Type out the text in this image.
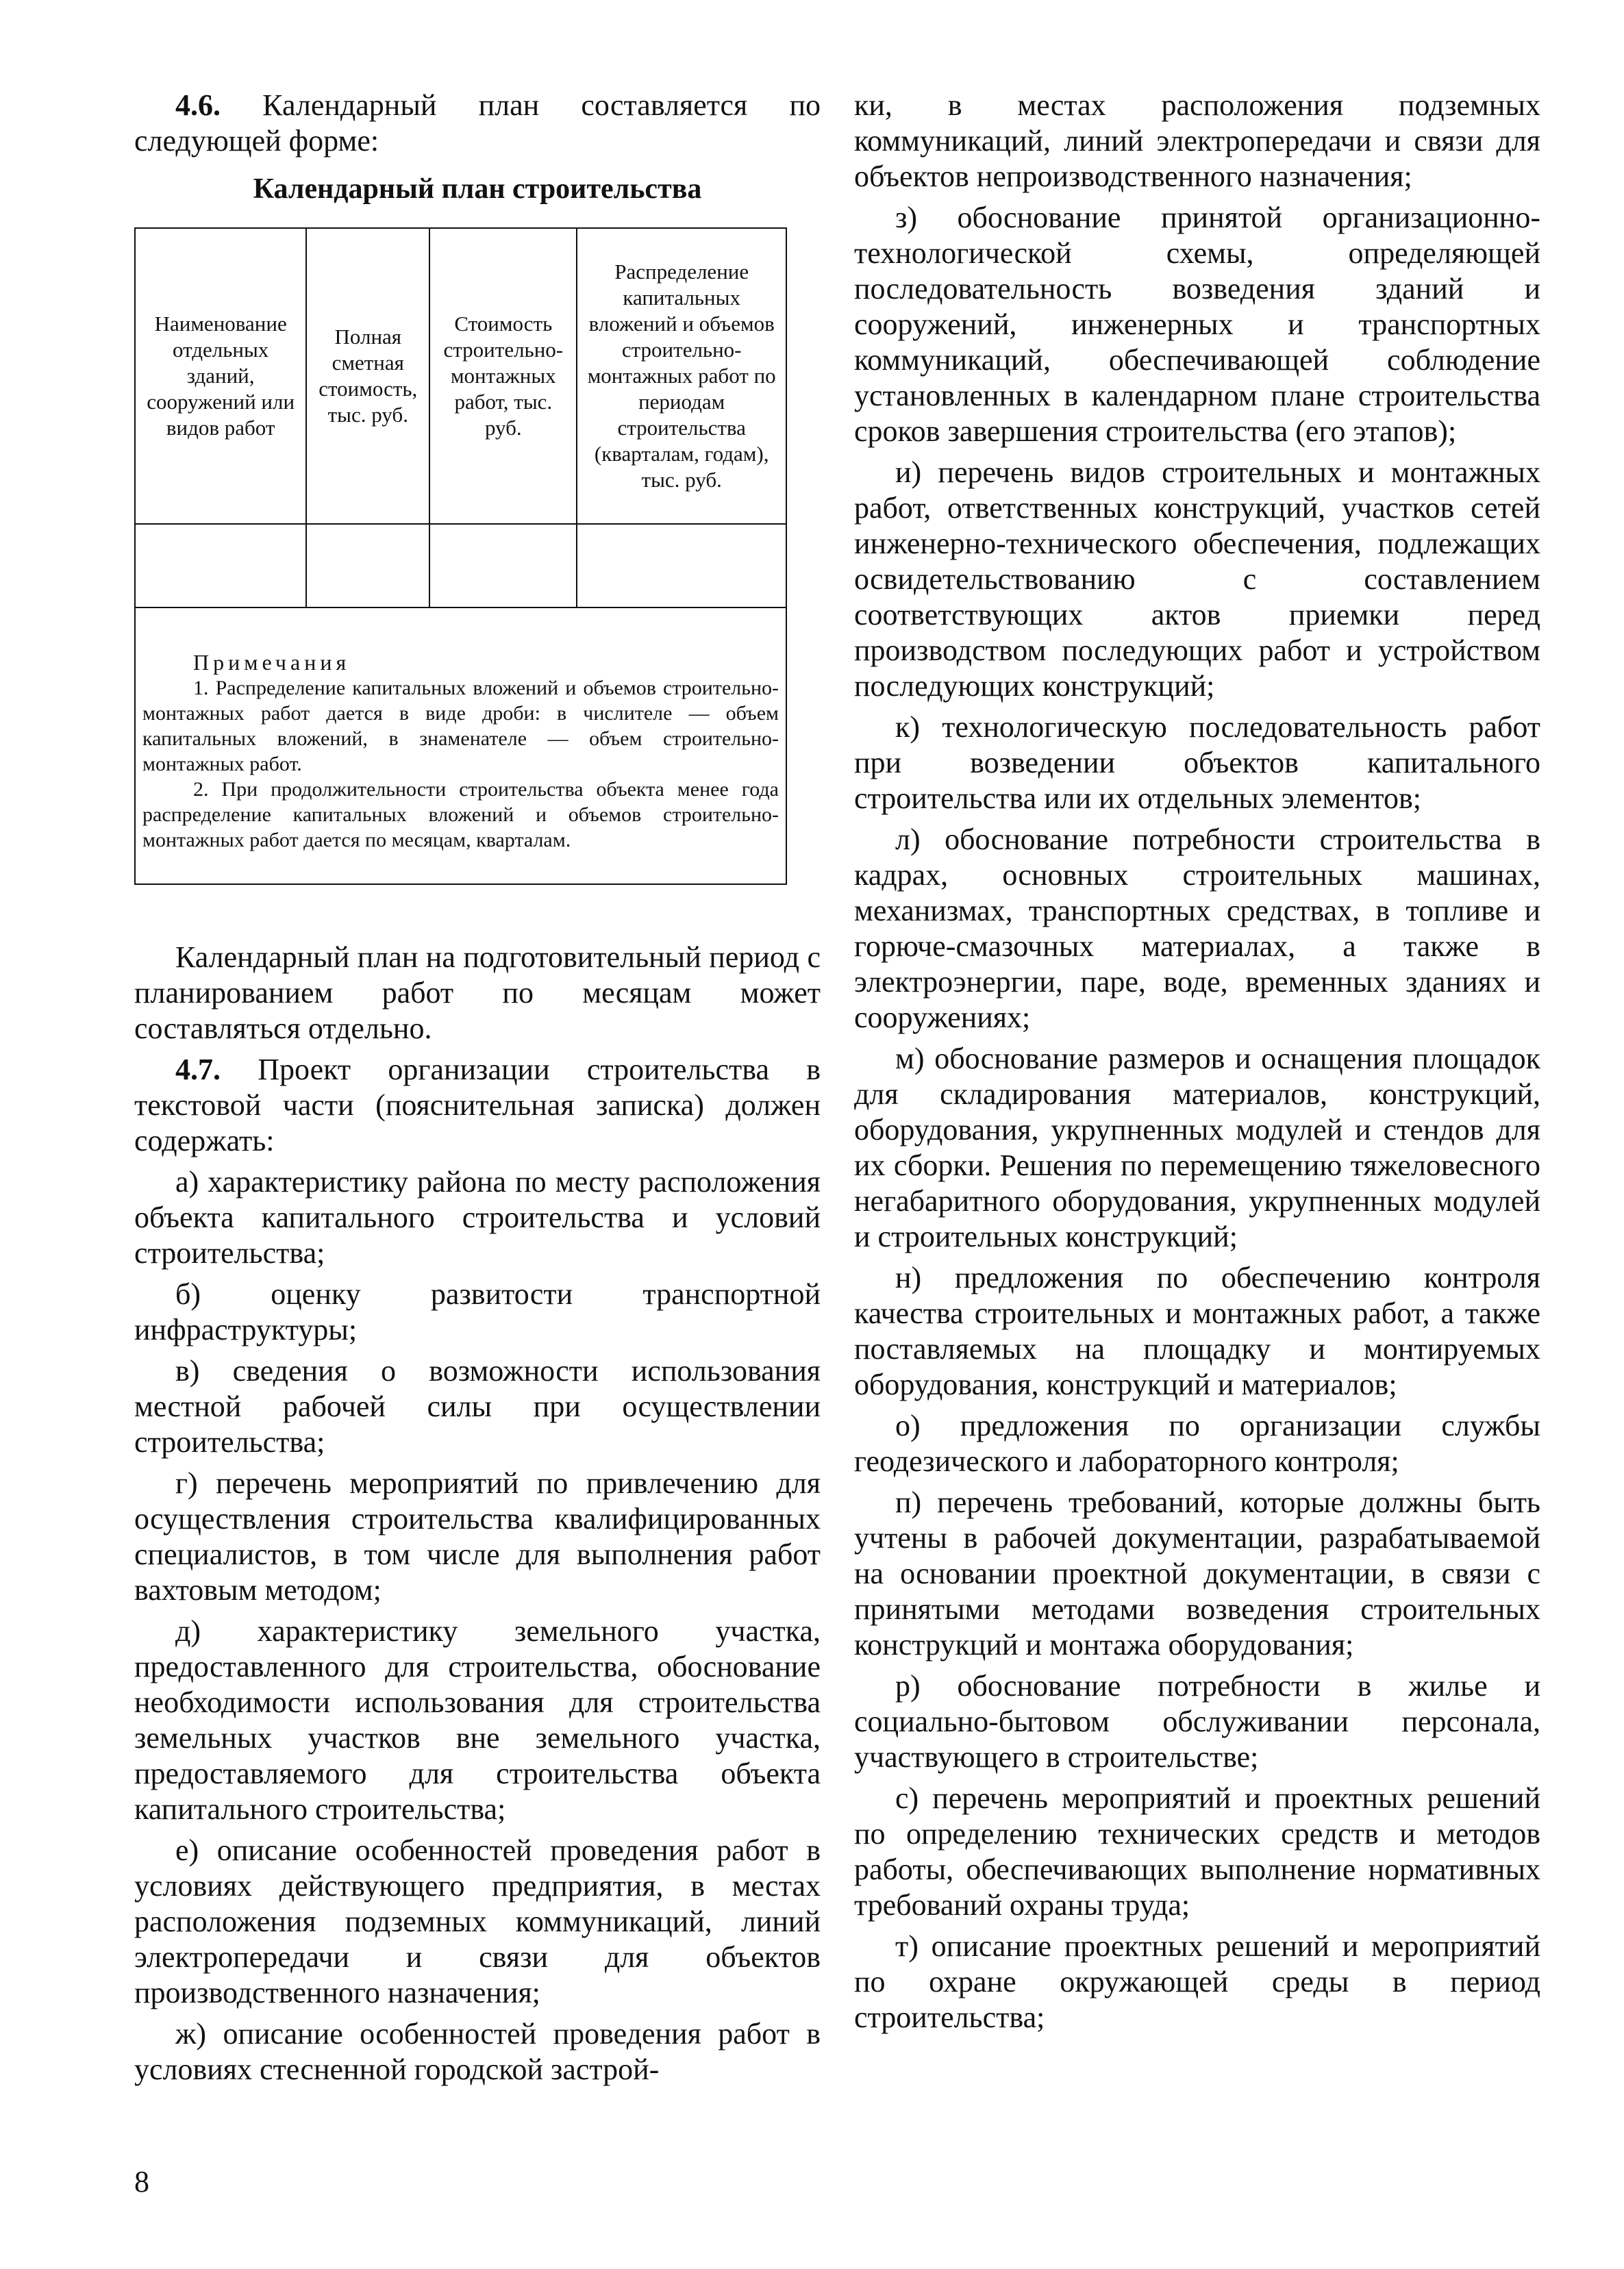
4.6. Календарный план составляется по следующей форме:

Календарный план строительства
Наименование отдельных зданий, сооружений или видов работ	Полная сметная стоимость, тыс. руб.	Стоимость строительно-монтажных работ, тыс. руб.	Распределение капитальных вложений и объемов строительно-монтажных работ по периодам строительства (кварталам, годам), тыс. руб.

Примечания

1. Распределение капитальных вложений и объемов строительно-монтажных работ дается в виде дроби: в числителе — объем капитальных вложений, в знаменателе — объем строительно-монтажных работ.

2. При продолжительности строительства объекта менее года распределение капитальных вложений и объемов строительно-монтажных работ дается по месяцам, кварталам.			

Календарный план на подготовительный период с планированием работ по месяцам может составляться отдельно.

4.7. Проект организации строительства в текстовой части (пояснительная записка) должен содержать:

а) характеристику района по месту расположения объекта капитального строительства и условий строительства;

б) оценку развитости транспортной инфраструктуры;

в) сведения о возможности использования местной рабочей силы при осуществлении строительства;

г) перечень мероприятий по привлечению для осуществления строительства квалифицированных специалистов, в том числе для выполнения работ вахтовым методом;

д) характеристику земельного участка, предоставленного для строительства, обоснование необходимости использования для строительства земельных участков вне земельного участка, предоставляемого для строительства объекта капитального строительства;

е) описание особенностей проведения работ в условиях действующего предприятия, в местах расположения подземных коммуникаций, линий электропередачи и связи для объектов производственного назначения;

ж) описание особенностей проведения работ в условиях стесненной городской застрой-

ки, в местах расположения подземных коммуникаций, линий электропередачи и связи для объектов непроизводственного назначения;

з) обоснование принятой организационно-технологической схемы, определяющей последовательность возведения зданий и сооружений, инженерных и транспортных коммуникаций, обеспечивающей соблюдение установленных в календарном плане строительства сроков завершения строительства (его этапов);

и) перечень видов строительных и монтажных работ, ответственных конструкций, участков сетей инженерно-технического обеспечения, подлежащих освидетельствованию с составлением соответствующих актов приемки перед производством последующих работ и устройством последующих конструкций;

к) технологическую последовательность работ при возведении объектов капитального строительства или их отдельных элементов;

л) обоснование потребности строительства в кадрах, основных строительных машинах, механизмах, транспортных средствах, в топливе и горюче-смазочных материалах, а также в электроэнергии, паре, воде, временных зданиях и сооружениях;

м) обоснование размеров и оснащения площадок для складирования материалов, конструкций, оборудования, укрупненных модулей и стендов для их сборки. Решения по перемещению тяжеловесного негабаритного оборудования, укрупненных модулей и строительных конструкций;

н) предложения по обеспечению контроля качества строительных и монтажных работ, а также поставляемых на площадку и монтируемых оборудования, конструкций и материалов;

о) предложения по организации службы геодезического и лабораторного контроля;

п) перечень требований, которые должны быть учтены в рабочей документации, разрабатываемой на основании проектной документации, в связи с принятыми методами возведения строительных конструкций и монтажа оборудования;

р) обоснование потребности в жилье и социально-бытовом обслуживании персонала, участвующего в строительстве;

с) перечень мероприятий и проектных решений по определению технических средств и методов работы, обеспечивающих выполнение нормативных требований охраны труда;

т) описание проектных решений и мероприятий по охране окружающей среды в период строительства;

8
